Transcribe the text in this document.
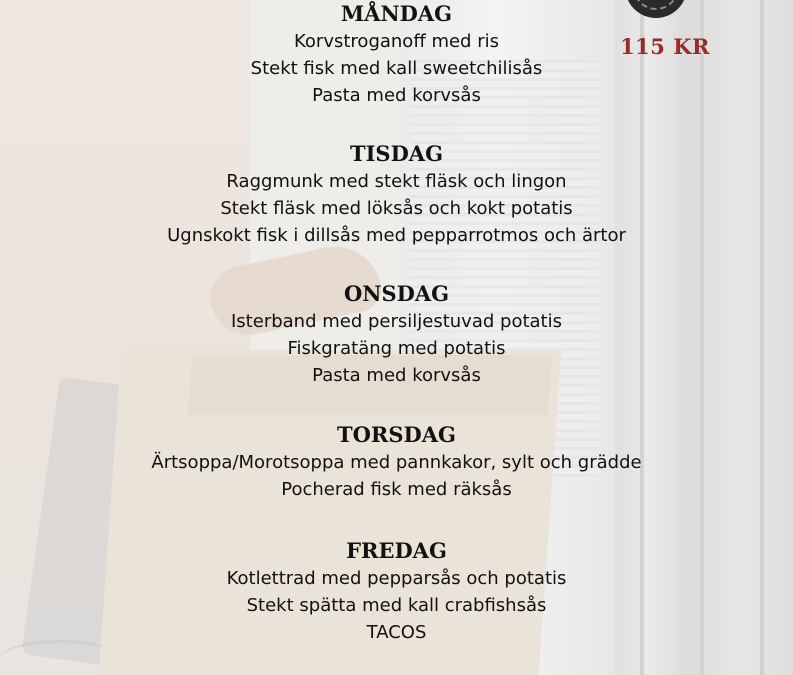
115 KR
MÅNDAG
Korvstroganoff med ris
Stekt fisk med kall sweetchilisås
Pasta med korvsås
TISDAG
Raggmunk med stekt fläsk och lingon
Stekt fläsk med löksås och kokt potatis
Ugnskokt fisk i dillsås med pepparrotmos och ärtor
ONSDAG
Isterband med persiljestuvad potatis
Fiskgratäng med potatis
Pasta med korvsås
TORSDAG
Ärtsoppa/Morotsoppa med pannkakor, sylt och grädde
Pocherad fisk med räksås
FREDAG
Kotlettrad med pepparsås och potatis
Stekt spätta med kall crabfishsås
TACOS
